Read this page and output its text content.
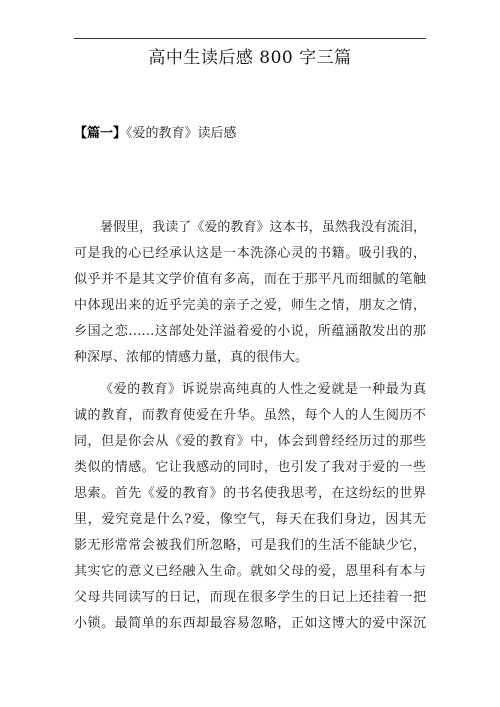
高中生读后感 800 字三篇
【篇一】《爱的教育》读后感
暑假里，我读了《爱的教育》这本书，虽然我没有流泪，
可是我的心已经承认这是一本洗涤心灵的书籍。吸引我的，
似乎并不是其文学价值有多高，而在于那平凡而细腻的笔触
中体现出来的近乎完美的亲子之爱，师生之情，朋友之情，
乡国之恋……这部处处洋溢着爱的小说，所蕴涵散发出的那
种深厚、浓郁的情感力量，真的很伟大。
《爱的教育》诉说崇高纯真的人性之爱就是一种最为真
诚的教育，而教育使爱在升华。虽然，每个人的人生阅历不
同，但是你会从《爱的教育》中，体会到曾经经历过的那些
类似的情感。它让我感动的同时，也引发了我对于爱的一些
思索。首先《爱的教育》的书名使我思考，在这纷纭的世界
里，爱究竟是什么?爱，像空气，每天在我们身边，因其无
影无形常常会被我们所忽略，可是我们的生活不能缺少它，
其实它的意义已经融入生命。就如父母的爱，恩里科有本与
父母共同读写的日记，而现在很多学生的日记上还挂着一把
小锁。最简单的东西却最容易忽略，正如这博大的爱中深沉
